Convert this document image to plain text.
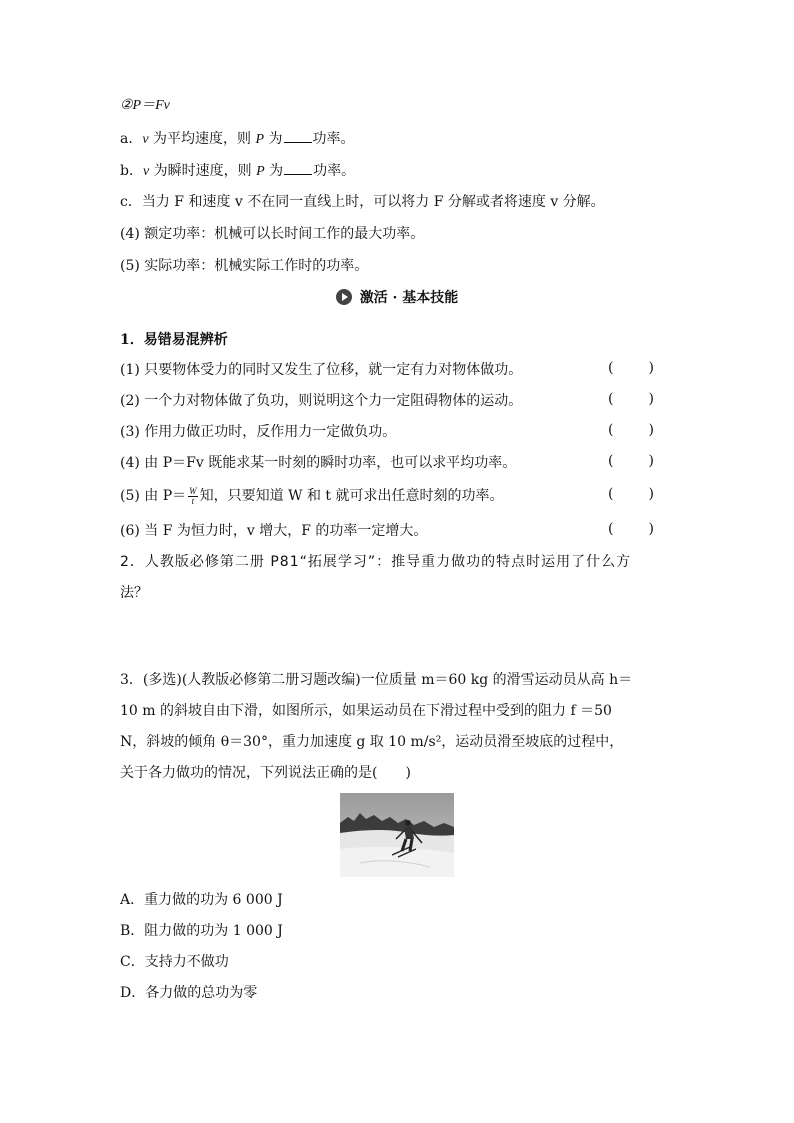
②P＝Fv
a．v 为平均速度，则 P 为 功率。
b．v 为瞬时速度，则 P 为 功率。
c．当力 F 和速度 v 不在同一直线上时，可以将力 F 分解或者将速度 v 分解。
(4) 额定功率：机械可以长时间工作的最大功率。
(5) 实际功率：机械实际工作时的功率。
激活 · 基本技能
1．易错易混辨析
(1) 只要物体受力的同时又发生了位移，就一定有力对物体做功。	(	)
(2) 一个力对物体做了负功，则说明这个力一定阻碍物体的运动。	(	)
(3) 作用力做正功时，反作用力一定做负功。	(	)
(4) 由 P＝Fv 既能求某一时刻的瞬时功率，也可以求平均功率。	(	)
(5) 由 $P= \frac{W}{t}$ 知，只要知道 W 和 t 就可求出任意时刻的功率。	(	)
(6) 当 F 为恒力时，v 增大，F 的功率一定增大。	(	)
2．人教版必修第二册 P81“拓展学习”：推导重力做功的特点时运用了什么方
法？
3．(多选)(人教版必修第二册习题改编)一位质量 m＝60 kg 的滑雪运动员从高 h＝
10 m 的斜坡自由下滑，如图所示，如果运动员在下滑过程中受到的阻力 f ＝50
N，斜坡的倾角 θ＝30°，重力加速度 g 取 10 m/s²，运动员滑至坡底的过程中，
关于各力做功的情况，下列说法正确的是(　　)
A．重力做的功为 6 000 J
B．阻力做的功为 1 000 J
C．支持力不做功
D．各力做的总功为零
